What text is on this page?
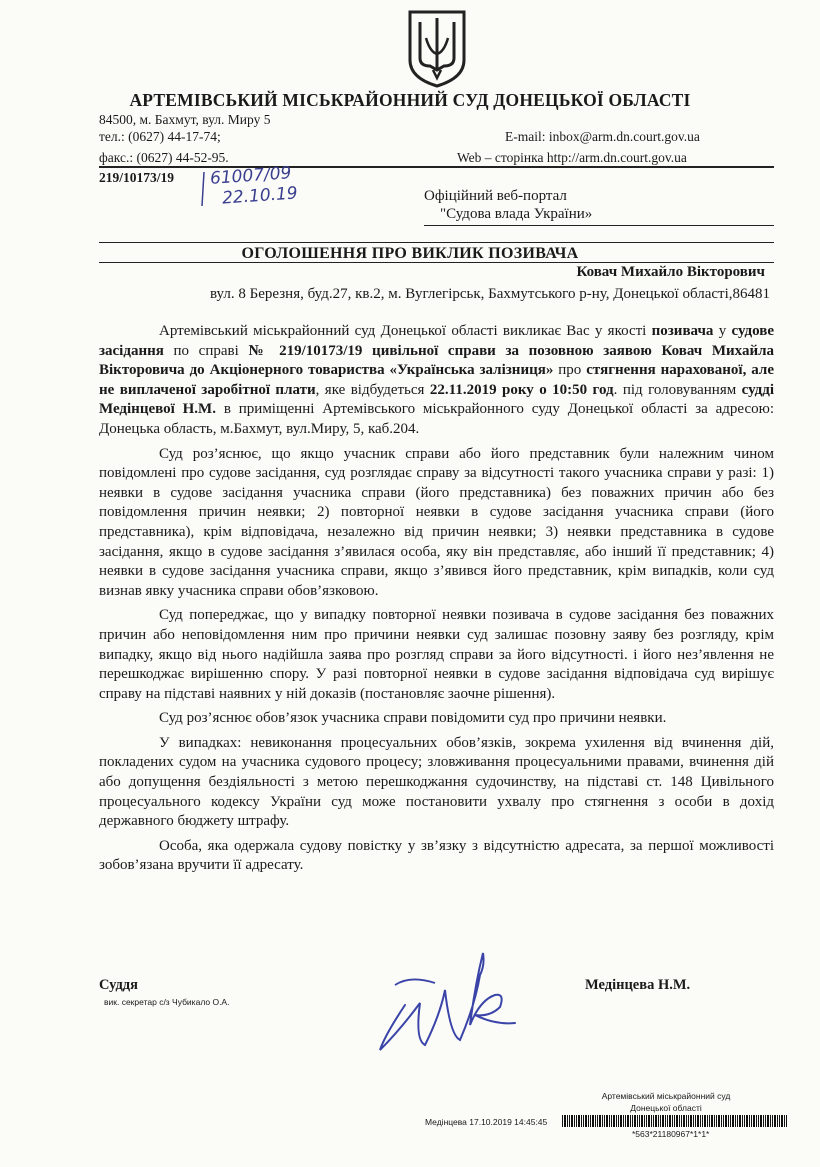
АРТЕМІВСЬКИЙ МІСЬКРАЙОННИЙ СУД ДОНЕЦЬКОЇ ОБЛАСТІ
84500, м. Бахмут, вул. Миру 5
тел.: (0627) 44-17-74;	E-mail: inbox@arm.dn.court.gov.ua
факс.: (0627) 44-52-95.	Web – сторінка http://arm.dn.court.gov.ua
219/10173/19 61007/09
22.10.19	Офіційний веб-портал
"Судова влада України»
ОГОЛОШЕННЯ ПРО ВИКЛИК ПОЗИВАЧА
Ковач Михайло Вікторович
вул. 8 Березня, буд.27, кв.2, м. Вуглегірськ, Бахмутського р-ну, Донецької області,86481

Артемівський міськрайонний суд Донецької області викликає Вас у якості позивача у судове засідання по справі № 219/10173/19 цивільної справи за позовною заявою Ковач Михайла Вікторовича до Акціонерного товариства «Українська залізниця» про стягнення нарахованої, але не виплаченої заробітної плати, яке відбудеться 22.11.2019 року о 10:50 год. під головуванням судді Медінцевої Н.М. в приміщенні Артемівського міськрайонного суду Донецької області за адресою: Донецька область, м.Бахмут, вул.Миру, 5, каб.204.

Суд роз’яснює, що якщо учасник справи або його представник були належним чином повідомлені про судове засідання, суд розглядає справу за відсутності такого учасника справи у разі: 1) неявки в судове засідання учасника справи (його представника) без поважних причин або без повідомлення причин неявки; 2) повторної неявки в судове засідання учасника справи (його представника), крім відповідача, незалежно від причин неявки; 3) неявки представника в судове засідання, якщо в судове засідання з’явилася особа, яку він представляє, або інший її представник; 4) неявки в судове засідання учасника справи, якщо з’явився його представник, крім випадків, коли суд визнав явку учасника справи обов’язковою.

Суд попереджає, що у випадку повторної неявки позивача в судове засідання без поважних причин або неповідомлення ним про причини неявки суд залишає позовну заяву без розгляду, крім випадку, якщо від нього надійшла заява про розгляд справи за його відсутності. і його нез’явлення не перешкоджає вирішенню спору. У разі повторної неявки в судове засідання відповідача суд вирішує справу на підставі наявних у ній доказів (постановляє заочне рішення).

Суд роз’яснює обов’язок учасника справи повідомити суд про причини неявки.

У випадках: невиконання процесуальних обов’язків, зокрема ухилення від вчинення дій, покладених судом на учасника судового процесу; зловживання процесуальними правами, вчинення дій або допущення бездіяльності з метою перешкоджання судочинству, на підставі ст. 148 Цивільного процесуального кодексу України суд може постановити ухвалу про стягнення з особи в дохід державного бюджету штрафу.

Особа, яка одержала судову повістку у зв’язку з відсутністю адресата, за першої можливості зобов’язана вручити її адресату.

Суддя
вик. секретар с/з Чубикало О.А.
Медінцева Н.М.
Артемівський міськрайонний суд
Донецької області
Медінцева 17.10.2019 14:45:45
*563*21180967*1*1*
